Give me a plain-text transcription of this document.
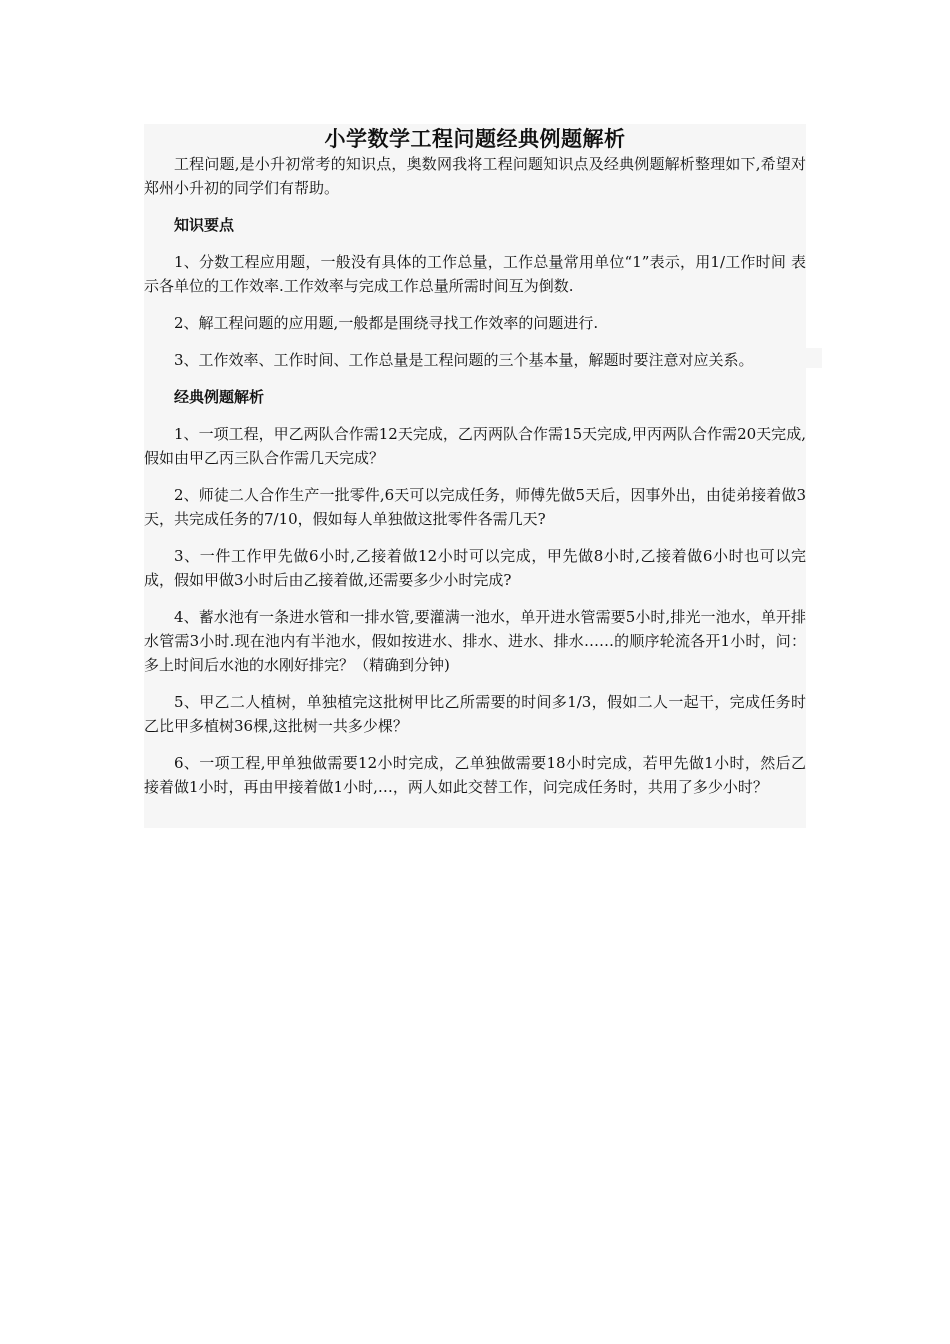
小学数学工程问题经典例题解析

工程问题,是小升初常考的知识点，奥数网我将工程问题知识点及经典例题解析整理如下,希望对郑州小升初的同学们有帮助。

知识要点

1、分数工程应用题，一般没有具体的工作总量，工作总量常用单位“1”表示，用1/工作时间 表示各单位的工作效率.工作效率与完成工作总量所需时间互为倒数.

2、解工程问题的应用题,一般都是围绕寻找工作效率的问题进行.

3、工作效率、工作时间、工作总量是工程问题的三个基本量，解题时要注意对应关系。

经典例题解析

1、一项工程，甲乙两队合作需12天完成，乙丙两队合作需15天完成,甲丙两队合作需20天完成,假如由甲乙丙三队合作需几天完成？

2、师徒二人合作生产一批零件,6天可以完成任务，师傅先做5天后，因事外出，由徒弟接着做3天，共完成任务的7/10，假如每人单独做这批零件各需几天?

3、一件工作甲先做6小时,乙接着做12小时可以完成，甲先做8小时,乙接着做6小时也可以完成，假如甲做3小时后由乙接着做,还需要多少小时完成?

4、蓄水池有一条进水管和一排水管,要灌满一池水，单开进水管需要5小时,排光一池水，单开排水管需3小时.现在池内有半池水，假如按进水、排水、进水、排水……的顺序轮流各开1小时，问：多上时间后水池的水刚好排完？（精确到分钟)

5、甲乙二人植树，单独植完这批树甲比乙所需要的时间多1/3，假如二人一起干，完成任务时乙比甲多植树36棵,这批树一共多少棵？

6、一项工程,甲单独做需要12小时完成，乙单独做需要18小时完成，若甲先做1小时，然后乙接着做1小时，再由甲接着做1小时,…，两人如此交替工作，问完成任务时，共用了多少小时？
